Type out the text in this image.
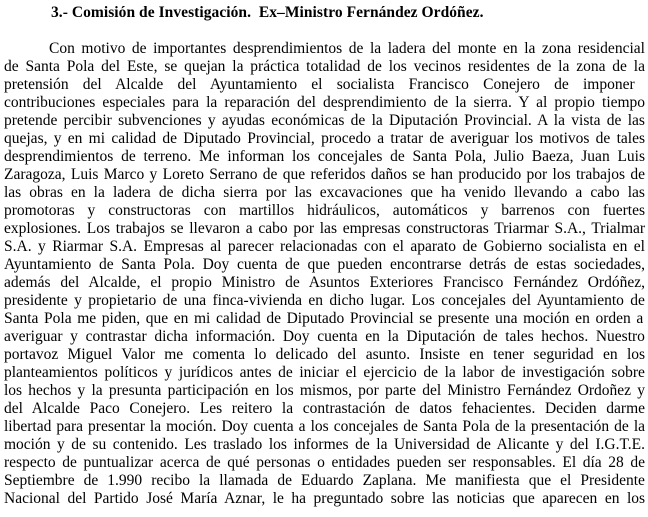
3.- Comisión de Investigación.  Ex–Ministro Fernández Ordóñez.
Con motivo de importantes desprendimientos de la ladera del monte en la zona residencial
de Santa Pola del Este, se quejan la práctica totalidad de los vecinos residentes de la zona de la
pretensión del Alcalde del Ayuntamiento el socialista Francisco Conejero de imponer
contribuciones especiales para la reparación del desprendimiento de la sierra. Y al propio tiempo
pretende percibir subvenciones y ayudas económicas de la Diputación Provincial. A la vista de las
quejas, y en mi calidad de Diputado Provincial, procedo a tratar de averiguar los motivos de tales
desprendimientos de terreno. Me informan los concejales de Santa Pola, Julio Baeza, Juan Luis
Zaragoza, Luis Marco y Loreto Serrano de que referidos daños se han producido por los trabajos de
las obras en la ladera de dicha sierra por las excavaciones que ha venido llevando a cabo las
promotoras y constructoras con martillos hidráulicos, automáticos y barrenos con fuertes
explosiones. Los trabajos se llevaron a cabo por las empresas constructoras Triarmar S.A., Trialmar
S.A. y Riarmar S.A. Empresas al parecer relacionadas con el aparato de Gobierno socialista en el
Ayuntamiento de Santa Pola. Doy cuenta de que pueden encontrarse detrás de estas sociedades,
además del Alcalde, el propio Ministro de Asuntos Exteriores Francisco Fernández Ordóñez,
presidente y propietario de una finca-vivienda en dicho lugar. Los concejales del Ayuntamiento de
Santa Pola me piden, que en mi calidad de Diputado Provincial se presente una moción en orden a
averiguar y contrastar dicha información. Doy cuenta en la Diputación de tales hechos. Nuestro
portavoz Miguel Valor me comenta lo delicado del asunto. Insiste en tener seguridad en los
planteamientos políticos y jurídicos antes de iniciar el ejercicio de la labor de investigación sobre
los hechos y la presunta participación en los mismos, por parte del Ministro Fernández Ordoñez y
del Alcalde Paco Conejero. Les reitero la contrastación de datos fehacientes. Deciden darme
libertad para presentar la moción. Doy cuenta a los concejales de Santa Pola de la presentación de la
moción y de su contenido. Les traslado los informes de la Universidad de Alicante y del I.G.T.E.
respecto de puntualizar acerca de qué personas o entidades pueden ser responsables. El día 28 de
Septiembre de 1.990 recibo la llamada de Eduardo Zaplana. Me manifiesta que el Presidente
Nacional del Partido José María Aznar, le ha preguntado sobre las noticias que aparecen en los
